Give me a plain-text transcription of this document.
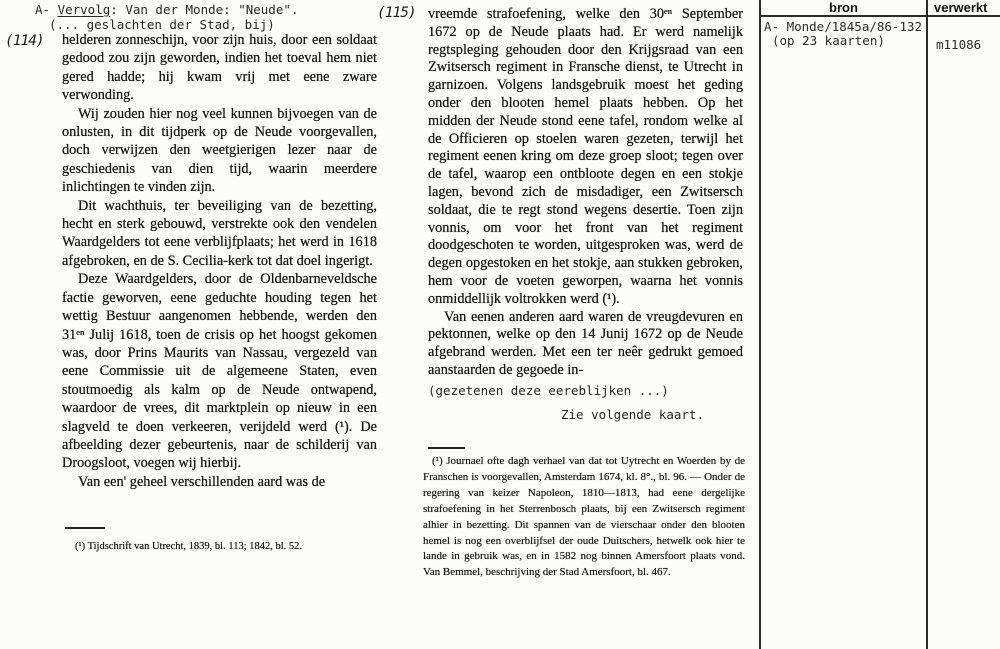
A- Vervolg: Van der Monde: "Neude".
(... geslachten der Stad, bij)
(114)
(115)

helderen zonneschijn, voor zijn huis, door een soldaat gedood zou zijn geworden, indien het toeval hem niet gered hadde; hij kwam vrij met eene zware verwonding.

Wij zouden hier nog veel kunnen bijvoegen van de onlusten, in dit tijdperk op de Neude voorgevallen, doch verwijzen den weetgierigen lezer naar de geschiedenis van dien tijd, waarin meerdere inlichtingen te vinden zijn.

Dit wachthuis, ter beveiliging van de bezetting, hecht en sterk gebouwd, verstrekte ook den vendelen Waardgelders tot eene verblijfplaats; het werd in 1618 afgebroken, en de S. Cecilia-kerk tot dat doel ingerigt.

Deze Waardgelders, door de Oldenbarneveldsche factie geworven, eene geduchte houding tegen het wettig Bestuur aangenomen hebbende, werden den 31ᵉⁿ Julij 1618, toen de crisis op het hoogst gekomen was, door Prins Maurits van Nassau, vergezeld van eene Commissie uit de algemeene Staten, even stoutmoedig als kalm op de Neude ontwapend, waardoor de vrees, dit marktplein op nieuw in een slagveld te doen verkeeren, verijdeld werd (¹). De afbeelding dezer gebeurtenis, naar de schilderij van Droogsloot, voegen wij hierbij.

Van een' geheel verschillenden aard was de

(¹) Tijdschrift van Utrecht, 1839, bl. 113; 1842, bl. 52.

vreemde strafoefening, welke den 30ᵉⁿ September 1672 op de Neude plaats had. Er werd namelijk regtspleging gehouden door den Krijgsraad van een Zwitsersch regiment in Fransche dienst, te Utrecht in garnizoen. Volgens landsgebruik moest het geding onder den blooten hemel plaats hebben. Op het midden der Neude stond eene tafel, rondom welke al de Officieren op stoelen waren gezeten, terwijl het regiment eenen kring om deze groep sloot; tegen over de tafel, waarop een ontbloote degen en een stokje lagen, bevond zich de misdadiger, een Zwitsersch soldaat, die te regt stond wegens desertie. Toen zijn vonnis, om voor het front van het regiment doodgeschoten te worden, uitgesproken was, werd de degen opgestoken en het stokje, aan stukken gebroken, hem voor de voeten geworpen, waarna het vonnis onmiddellijk voltrokken werd (¹).

Van eenen anderen aard waren de vreugdevuren en pektonnen, welke op den 14 Junij 1672 op de Neude afgebrand werden. Met een ter neêr gedrukt gemoed aanstaarden de gegoede in-

(gezetenen deze eereblijken ...)
Zie volgende kaart.

(¹) Journael ofte dagh verhael van dat tot Uytrecht en Woerden by de Franschen is voorgevallen, Amsterdam 1674, kl. 8°., bl. 96. — Onder de regering van keizer Napoleon, 1810—1813, had eene dergelijke strafoefening in het Sterrenbosch plaats, bij een Zwitsersch regiment alhier in bezetting. Dit spannen van de vierschaar onder den blooten hemel is nog een overblijfsel der oude Duitschers, hetwelk ook hier te lande in gebruik was, en in 1582 nog binnen Amersfoort plaats vond. Van Bemmel, beschrijving der Stad Amersfoort, bl. 467.

bron	verwerkt
A- Monde/1845a/86-132
(op 23 kaarten)	m11086
